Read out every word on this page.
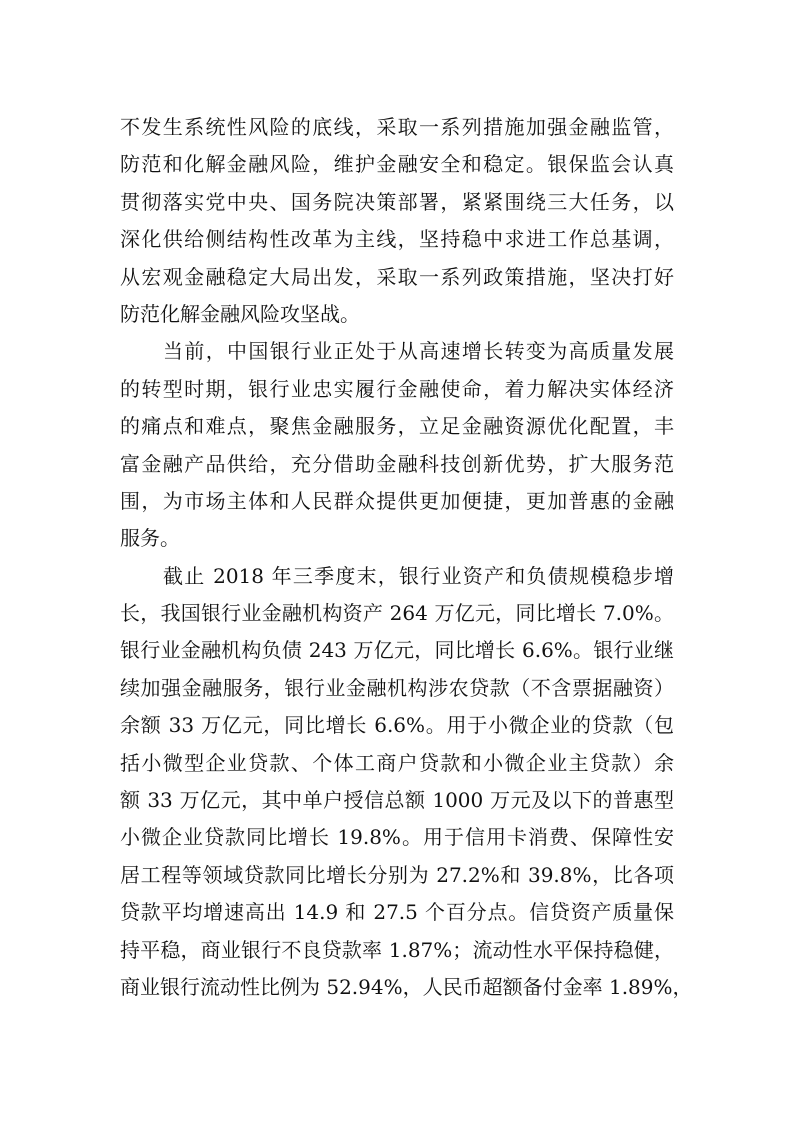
不发生系统性风险的底线，采取一系列措施加强金融监管，
防范和化解金融风险，维护金融安全和稳定。银保监会认真
贯彻落实党中央、国务院决策部署，紧紧围绕三大任务，以
深化供给侧结构性改革为主线，坚持稳中求进工作总基调，
从宏观金融稳定大局出发，采取一系列政策措施，坚决打好
防范化解金融风险攻坚战。
当前，中国银行业正处于从高速增长转变为高质量发展
的转型时期，银行业忠实履行金融使命，着力解决实体经济
的痛点和难点，聚焦金融服务，立足金融资源优化配置，丰
富金融产品供给，充分借助金融科技创新优势，扩大服务范
围，为市场主体和人民群众提供更加便捷，更加普惠的金融
服务。
截止 2018 年三季度末，银行业资产和负债规模稳步增
长，我国银行业金融机构资产 264 万亿元，同比增长 7.0%。
银行业金融机构负债 243 万亿元，同比增长 6.6%。银行业继
续加强金融服务，银行业金融机构涉农贷款（不含票据融资）
余额 33 万亿元，同比增长 6.6%。用于小微企业的贷款（包
括小微型企业贷款、个体工商户贷款和小微企业主贷款）余
额 33 万亿元，其中单户授信总额 1000 万元及以下的普惠型
小微企业贷款同比增长 19.8%。用于信用卡消费、保障性安
居工程等领域贷款同比增长分别为 27.2%和 39.8%，比各项
贷款平均增速高出 14.9 和 27.5 个百分点。信贷资产质量保
持平稳，商业银行不良贷款率 1.87%；流动性水平保持稳健，
商业银行流动性比例为 52.94%，人民币超额备付金率 1.89%，
